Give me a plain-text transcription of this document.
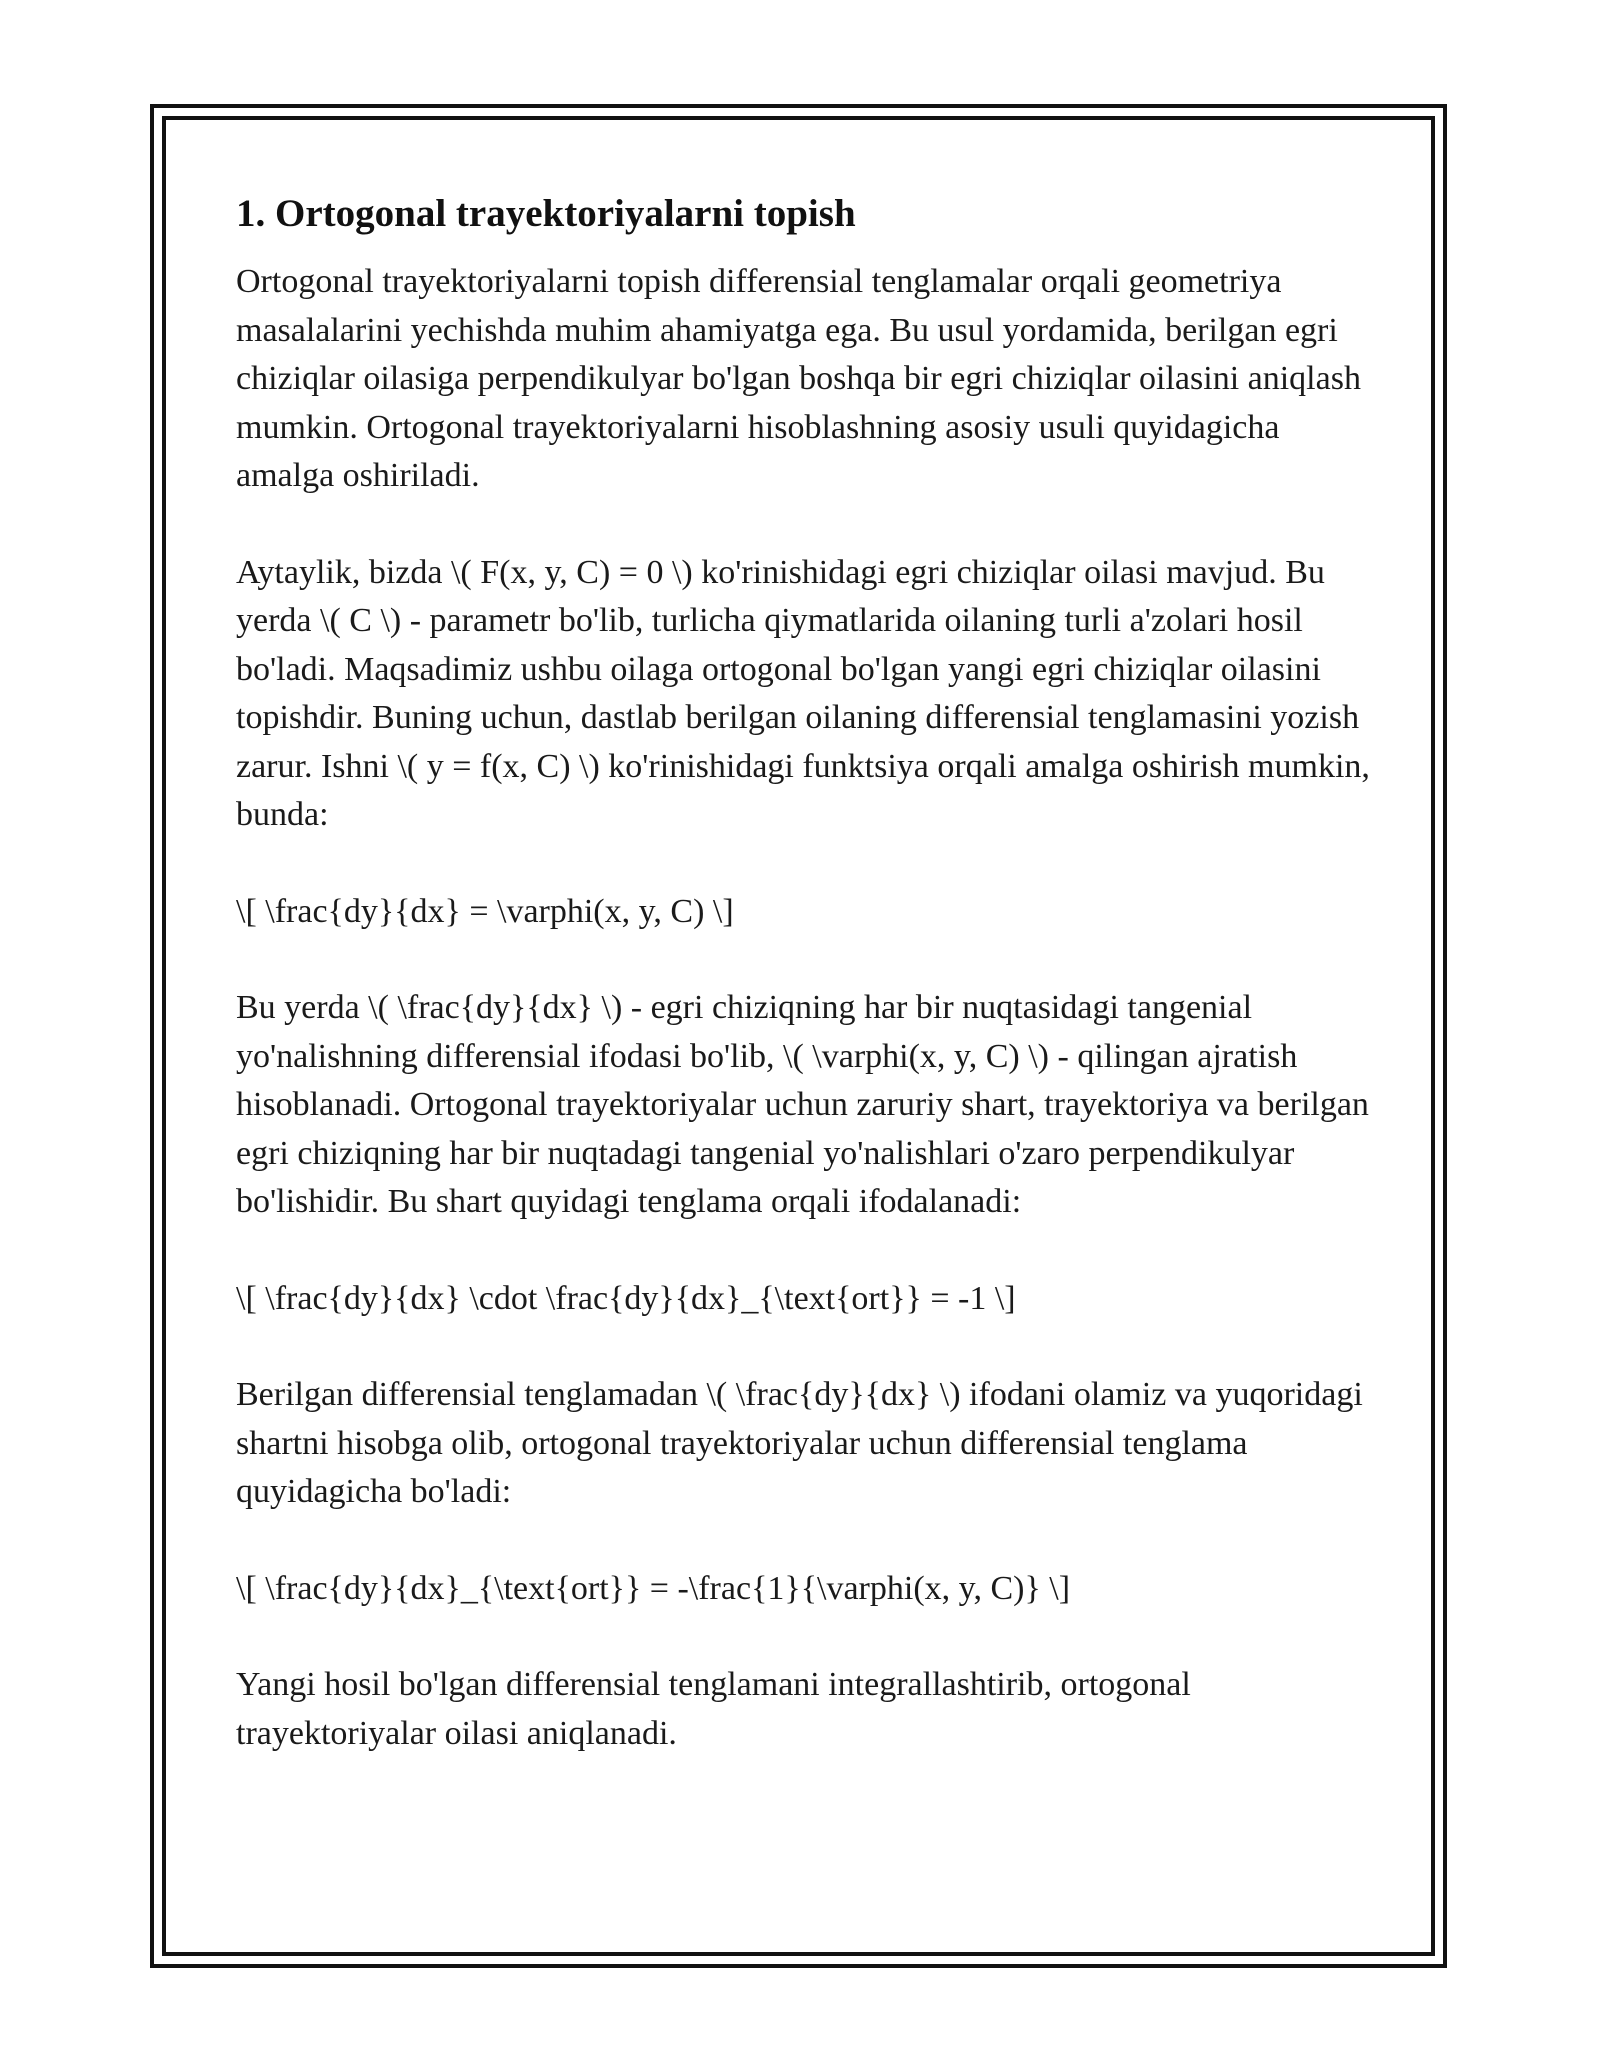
1. Ortogonal trayektoriyalarni topish

Ortogonal trayektoriyalarni topish differensial tenglamalar orqali geometriya masalalarini yechishda muhim ahamiyatga ega. Bu usul yordamida, berilgan egri chiziqlar oilasiga perpendikulyar bo'lgan boshqa bir egri chiziqlar oilasini aniqlash mumkin. Ortogonal trayektoriyalarni hisoblashning asosiy usuli quyidagicha amalga oshiriladi.

Aytaylik, bizda \( F(x, y, C) = 0 \) ko'rinishidagi egri chiziqlar oilasi mavjud. Bu yerda \( C \) - parametr bo'lib, turlicha qiymatlarida oilaning turli a'zolari hosil bo'ladi. Maqsadimiz ushbu oilaga ortogonal bo'lgan yangi egri chiziqlar oilasini topishdir. Buning uchun, dastlab berilgan oilaning differensial tenglamasini yozish zarur. Ishni \( y = f(x, C) \) ko'rinishidagi funktsiya orqali amalga oshirish mumkin, bunda:

\[ \frac{dy}{dx} = \varphi(x, y, C) \]

Bu yerda \( \frac{dy}{dx} \) - egri chiziqning har bir nuqtasidagi tangenial yo'nalishning differensial ifodasi bo'lib, \( \varphi(x, y, C) \) - qilingan ajratish hisoblanadi. Ortogonal trayektoriyalar uchun zaruriy shart, trayektoriya va berilgan egri chiziqning har bir nuqtadagi tangenial yo'nalishlari o'zaro perpendikulyar bo'lishidir. Bu shart quyidagi tenglama orqali ifodalanadi:

\[ \frac{dy}{dx} \cdot \frac{dy}{dx}_{\text{ort}} = -1 \]

Berilgan differensial tenglamadan \( \frac{dy}{dx} \) ifodani olamiz va yuqoridagi shartni hisobga olib, ortogonal trayektoriyalar uchun differensial tenglama quyidagicha bo'ladi:

\[ \frac{dy}{dx}_{\text{ort}} = -\frac{1}{\varphi(x, y, C)} \]

Yangi hosil bo'lgan differensial tenglamani integrallashtirib, ortogonal trayektoriyalar oilasi aniqlanadi.
